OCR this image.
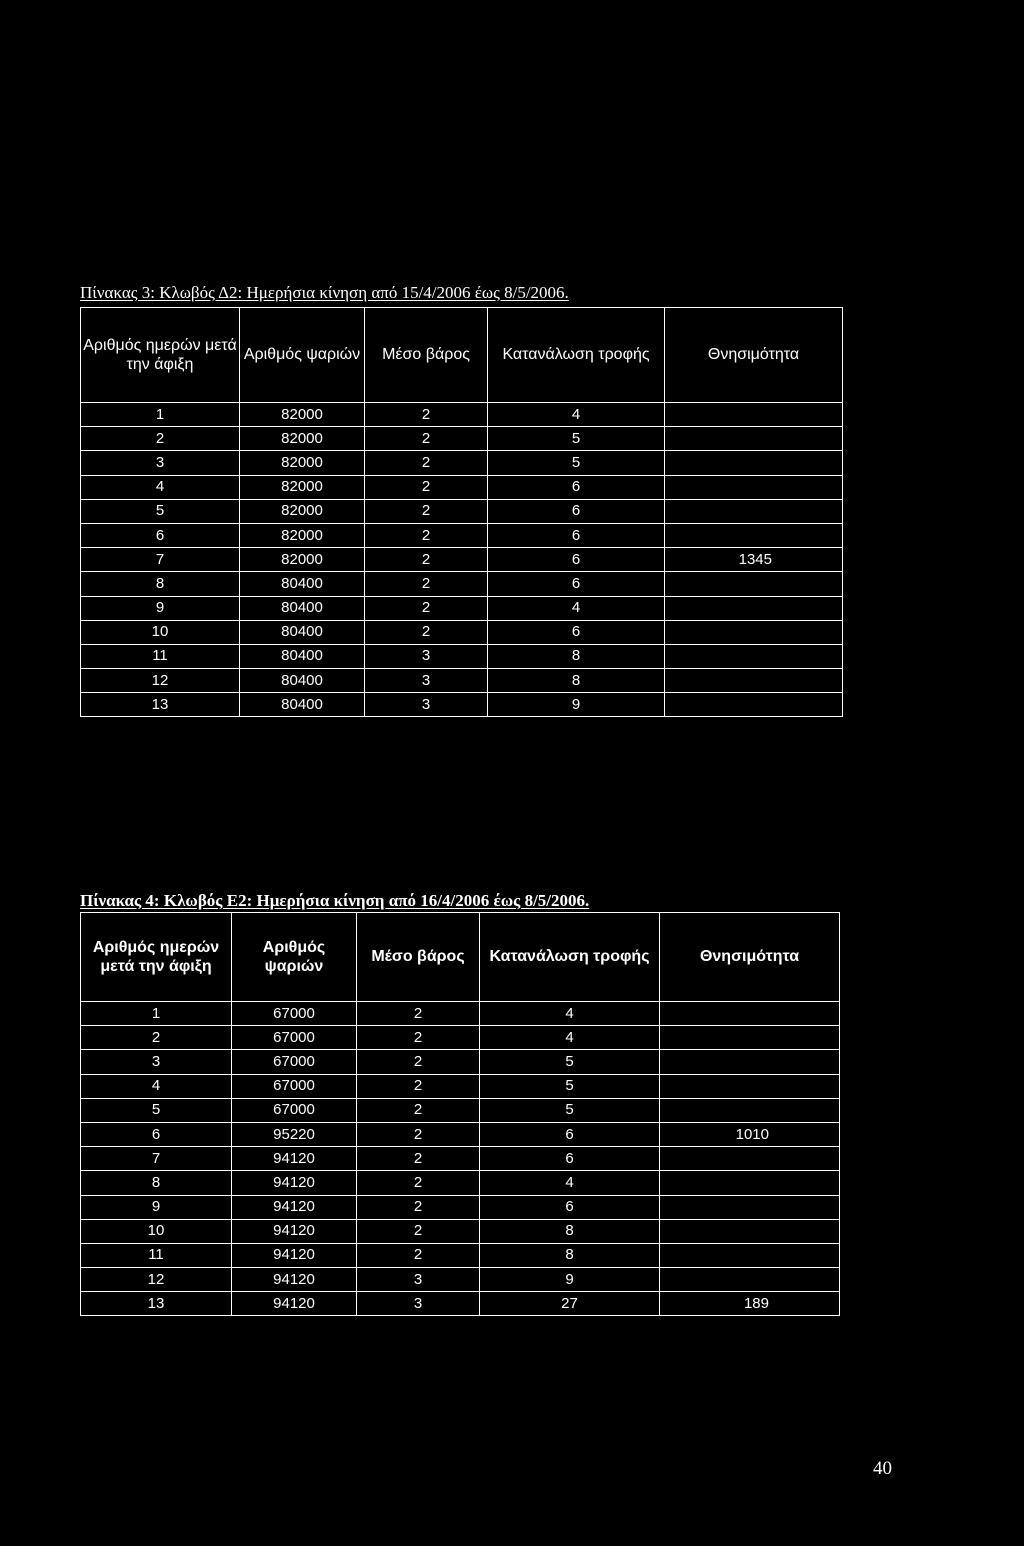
Πίνακας 3: Κλωβός Δ2: Ημερήσια κίνηση από 15/4/2006 έως 8/5/2006.
Αριθμός ημερών μετά την άφιξη	Αριθμός ψαριών	Μέσο βάρος	Κατανάλωση τροφής	Θνησιμότητα
1	82000	2	4	
2	82000	2	5	
3	82000	2	5	
4	82000	2	6	
5	82000	2	6	
6	82000	2	6	
7	82000	2	6	1345
8	80400	2	6	
9	80400	2	4	
10	80400	2	6	
11	80400	3	8	
12	80400	3	8	
13	80400	3	9	
Πίνακας 4: Κλωβός Ε2: Ημερήσια κίνηση από 16/4/2006 έως 8/5/2006.
Αριθμός ημερών μετά την άφιξη	Αριθμός ψαριών	Μέσο βάρος	Κατανάλωση τροφής	Θνησιμότητα
1	67000	2	4	
2	67000	2	4	
3	67000	2	5	
4	67000	2	5	
5	67000	2	5	
6	95220	2	6	1010
7	94120	2	6	
8	94120	2	4	
9	94120	2	6	
10	94120	2	8	
11	94120	2	8	
12	94120	3	9	
13	94120	3	27	189
40
